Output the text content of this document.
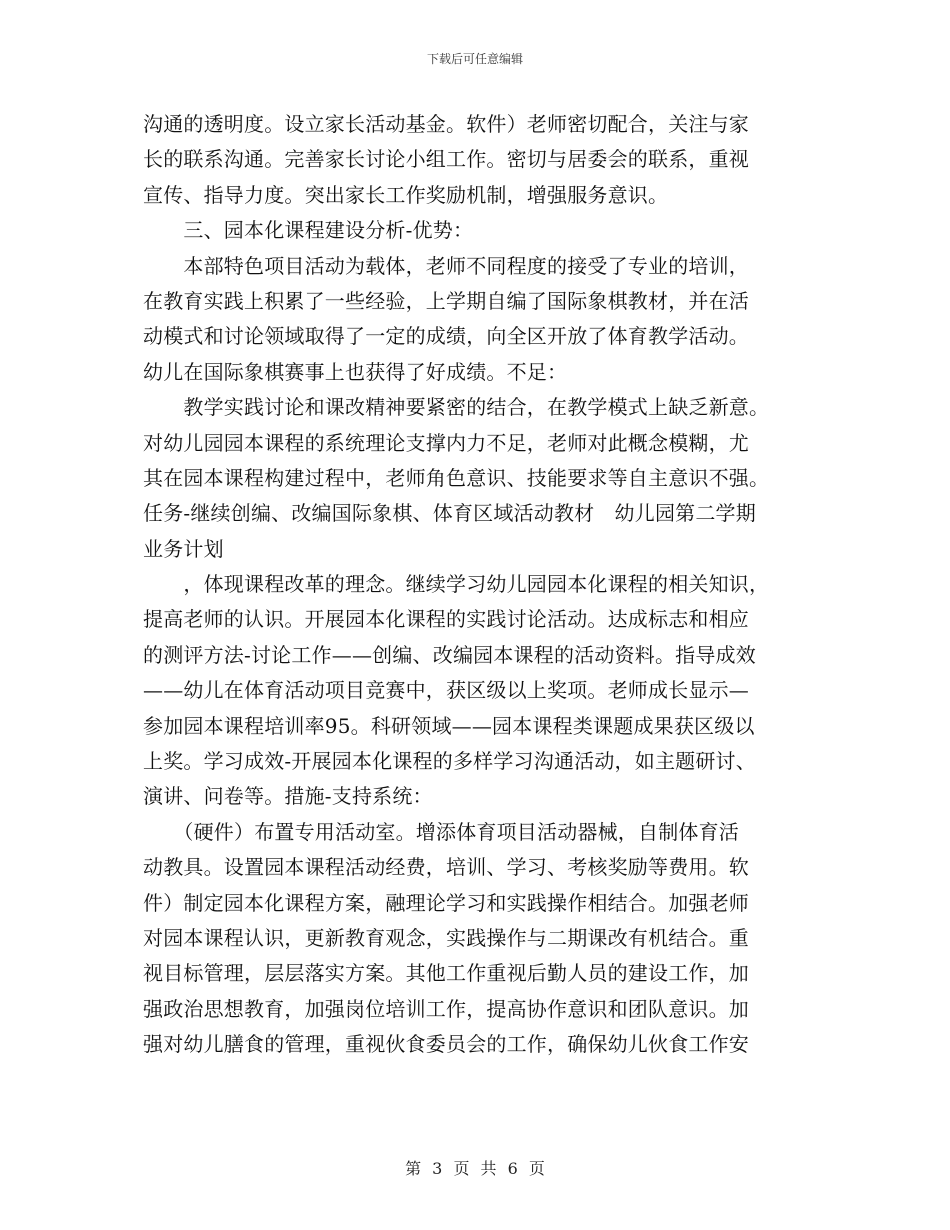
下载后可任意编辑
沟通的透明度。设立家长活动基金。软件）老师密切配合，关注与家
长的联系沟通。完善家长讨论小组工作。密切与居委会的联系，重视
宣传、指导力度。突出家长工作奖励机制，增强服务意识。
　　三、园本化课程建设分析-优势：
　　本部特色项目活动为载体，老师不同程度的接受了专业的培训，
在教育实践上积累了一些经验，上学期自编了国际象棋教材，并在活
动模式和讨论领域取得了一定的成绩，向全区开放了体育教学活动。
幼儿在国际象棋赛事上也获得了好成绩。不足：
　　教学实践讨论和课改精神要紧密的结合，在教学模式上缺乏新意。
对幼儿园园本课程的系统理论支撑内力不足，老师对此概念模糊，尤
其在园本课程构建过程中，老师角色意识、技能要求等自主意识不强。
任务-继续创编、改编国际象棋、体育区域活动教材　幼儿园第二学期
业务计划
　　，体现课程改革的理念。继续学习幼儿园园本化课程的相关知识，
提高老师的认识。开展园本化课程的实践讨论活动。达成标志和相应
的测评方法-讨论工作——创编、改编园本课程的活动资料。指导成效
——幼儿在体育活动项目竞赛中，获区级以上奖项。老师成长显示—
参加园本课程培训率95。科研领域——园本课程类课题成果获区级以
上奖。学习成效-开展园本化课程的多样学习沟通活动，如主题研讨、
演讲、问卷等。措施-支持系统：
　　（硬件）布置专用活动室。增添体育项目活动器械，自制体育活
动教具。设置园本课程活动经费，培训、学习、考核奖励等费用。软
件）制定园本化课程方案，融理论学习和实践操作相结合。加强老师
对园本课程认识，更新教育观念，实践操作与二期课改有机结合。重
视目标管理，层层落实方案。其他工作重视后勤人员的建设工作，加
强政治思想教育，加强岗位培训工作，提高协作意识和团队意识。加
强对幼儿膳食的管理，重视伙食委员会的工作，确保幼儿伙食工作安
第 3 页 共 6 页
